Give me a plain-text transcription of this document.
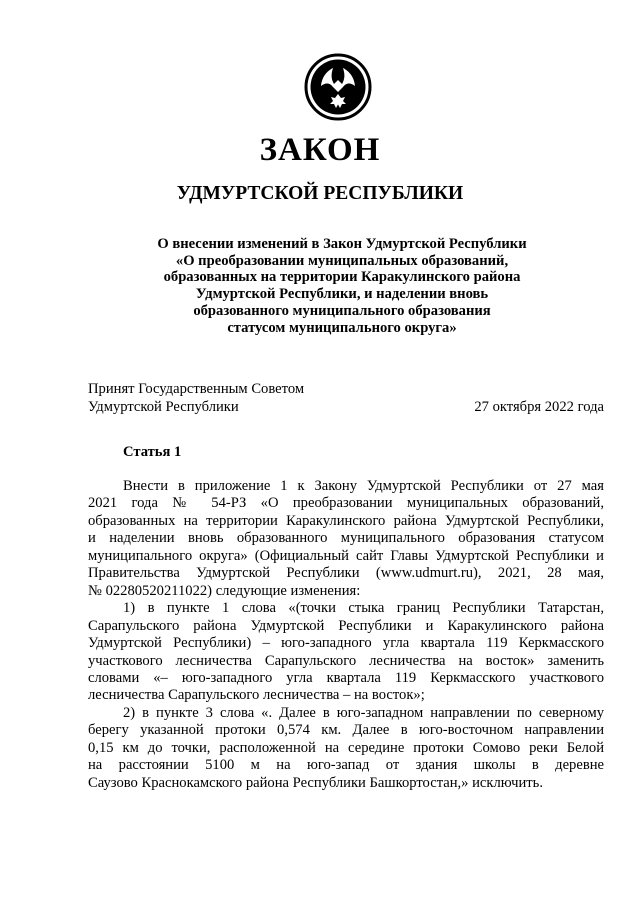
ЗАКОН
УДМУРТСКОЙ РЕСПУБЛИКИ
О внесении изменений в Закон Удмуртской Республики
«О преобразовании муниципальных образований,
образованных на территории Каракулинского района
Удмуртской Республики, и наделении вновь
образованного муниципального образования
статусом муниципального округа»
Принят Государственным Советом
Удмуртской Республики	27 октября 2022 года
Статья 1
Внести в приложение 1 к Закону Удмуртской Республики от 27 мая
2021 года № 54-РЗ «О преобразовании муниципальных образований,
образованных на территории Каракулинского района Удмуртской Республики,
и наделении вновь образованного муниципального образования статусом
муниципального округа» (Официальный сайт Главы Удмуртской Республики и
Правительства Удмуртской Республики (www.udmurt.ru), 2021, 28 мая,
№ 02280520211022) следующие изменения:
1) в пункте 1 слова «(точки стыка границ Республики Татарстан,
Сарапульского района Удмуртской Республики и Каракулинского района
Удмуртской Республики) – юго-западного угла квартала 119 Керкмасского
участкового лесничества Сарапульского лесничества на восток» заменить
словами «– юго-западного угла квартала 119 Керкмасского участкового
лесничества Сарапульского лесничества – на восток»;
2) в пункте 3 слова «. Далее в юго-западном направлении по северному
берегу указанной протоки 0,574 км. Далее в юго-восточном направлении
0,15 км до точки, расположенной на середине протоки Сомово реки Белой
на расстоянии 5100 м на юго-запад от здания школы в деревне
Саузово Краснокамского района Республики Башкортостан,» исключить.
